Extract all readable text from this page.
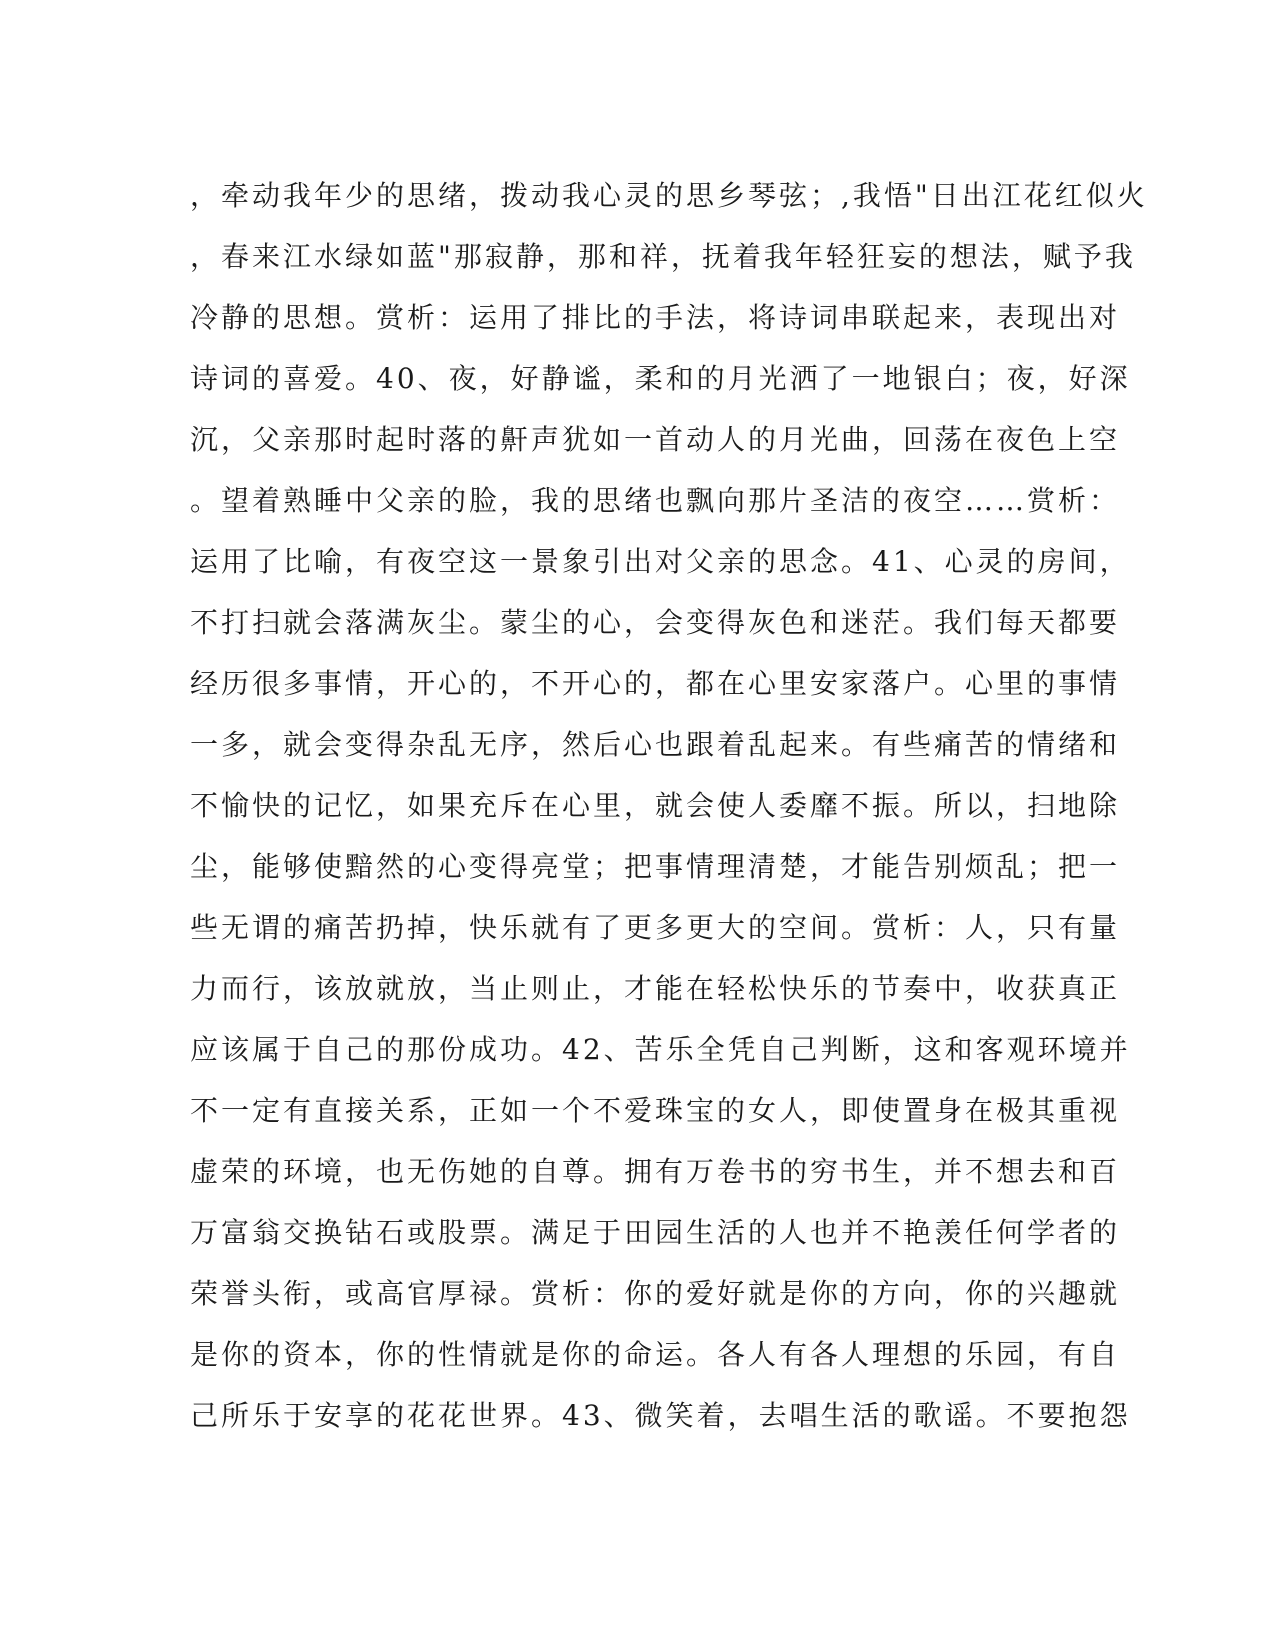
，牵动我年少的思绪，拨动我心灵的思乡琴弦；,我悟"日出江花红似火
，春来江水绿如蓝"那寂静，那和祥，抚着我年轻狂妄的想法，赋予我
冷静的思想。赏析：运用了排比的手法，将诗词串联起来，表现出对
诗词的喜爱。40、夜，好静谧，柔和的月光洒了一地银白；夜，好深
沉，父亲那时起时落的鼾声犹如一首动人的月光曲，回荡在夜色上空
。望着熟睡中父亲的脸，我的思绪也飘向那片圣洁的夜空……赏析：
运用了比喻，有夜空这一景象引出对父亲的思念。41、心灵的房间，
不打扫就会落满灰尘。蒙尘的心，会变得灰色和迷茫。我们每天都要
经历很多事情，开心的，不开心的，都在心里安家落户。心里的事情
一多，就会变得杂乱无序，然后心也跟着乱起来。有些痛苦的情绪和
不愉快的记忆，如果充斥在心里，就会使人委靡不振。所以，扫地除
尘，能够使黯然的心变得亮堂；把事情理清楚，才能告别烦乱；把一
些无谓的痛苦扔掉，快乐就有了更多更大的空间。赏析：人，只有量
力而行，该放就放，当止则止，才能在轻松快乐的节奏中，收获真正
应该属于自己的那份成功。42、苦乐全凭自己判断，这和客观环境并
不一定有直接关系，正如一个不爱珠宝的女人，即使置身在极其重视
虚荣的环境，也无伤她的自尊。拥有万卷书的穷书生，并不想去和百
万富翁交换钻石或股票。满足于田园生活的人也并不艳羡任何学者的
荣誉头衔，或高官厚禄。赏析：你的爱好就是你的方向，你的兴趣就
是你的资本，你的性情就是你的命运。各人有各人理想的乐园，有自
己所乐于安享的花花世界。43、微笑着，去唱生活的歌谣。不要抱怨
